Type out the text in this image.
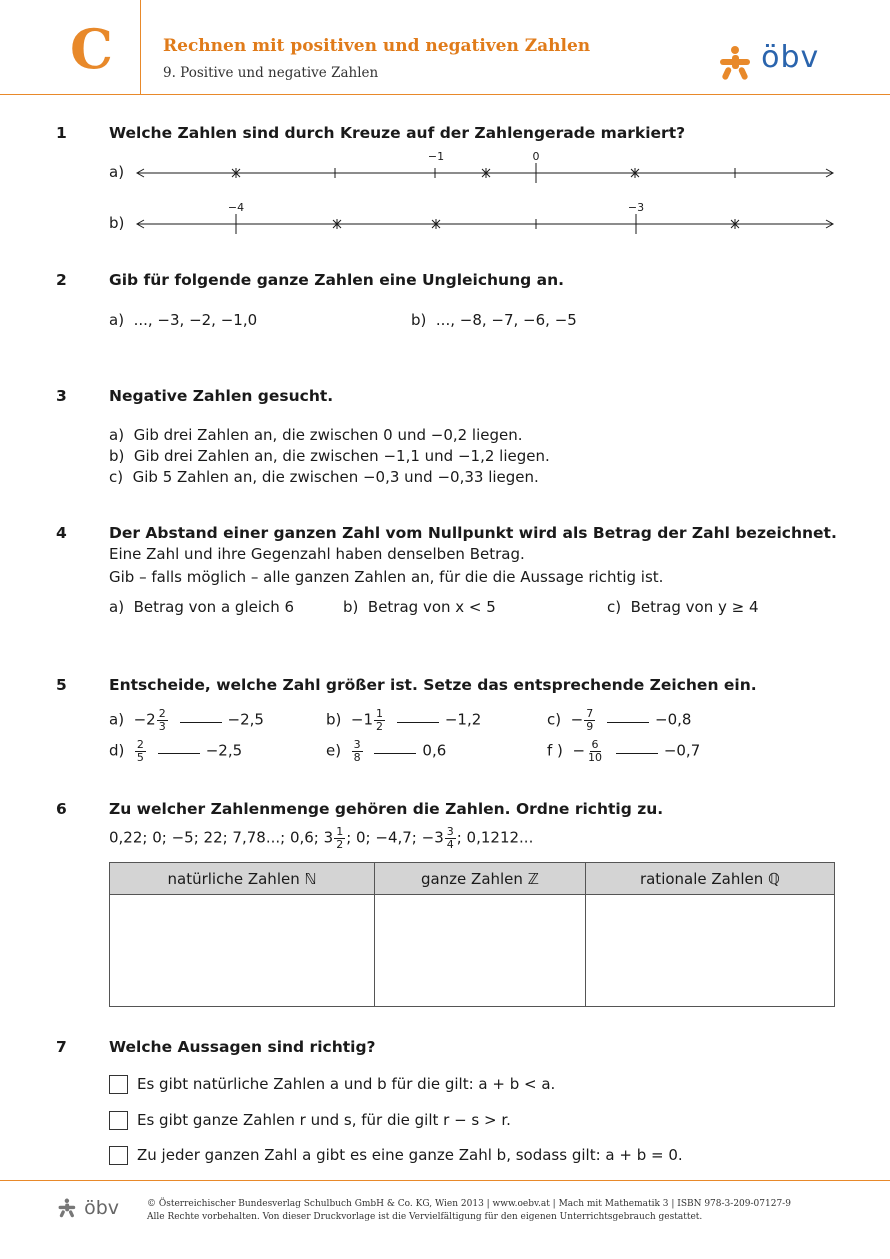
C	Rechnen mit positiven und negativen Zahlen
9. Positive und negative Zahlen	öbv
1	Welche Zahlen sind durch Kreuze auf der Zahlengerade markiert?
a)
b)
−1	0
−4	−3
2	Gib für folgende ganze Zahlen eine Ungleichung an.
a)  ..., −3, −2, −1,0	b)  ..., −8, −7, −6, −5
3	Negative Zahlen gesucht.
a)  Gib drei Zahlen an, die zwischen 0 und −0,2 liegen.
b)  Gib drei Zahlen an, die zwischen −1,1 und −1,2 liegen.
c)  Gib 5 Zahlen an, die zwischen −0,3 und −0,33 liegen.
4	Der Abstand einer ganzen Zahl vom Nullpunkt wird als Betrag der Zahl bezeichnet.
Eine Zahl und ihre Gegenzahl haben denselben Betrag.
Gib – falls möglich – alle ganzen Zahlen an, für die die Aussage richtig ist.
a)  Betrag von a gleich 6	b)  Betrag von x < 5	c)  Betrag von y ≥ 4
5	Entscheide, welche Zahl größer ist. Setze das entsprechende Zeichen ein.
$a) -2 \frac{2}{3}$	−2,5	$b) -1 \frac{1}{2}$	−1,2	$c) - \frac{7}{9}$	−0,8
$d) \frac{2}{5}$	−2,5	$e) \frac{3}{8}$	0,6	f ) − $\frac{6}{10}$	−0,7
6	Zu welcher Zahlenmenge gehören die Zahlen. Ordne richtig zu.
0,22; 0; −5; 22; 7,78...; 0,6; $3 \frac{1}{2}$ ; 0; −4,7; $-3 \frac{3}{4}$ ; 0,1212...
natürliche Zahlen ℕ	ganze Zahlen ℤ	rationale Zahlen ℚ

7	Welche Aussagen sind richtig?
Es gibt natürliche Zahlen a und b für die gilt: a + b < a.
Es gibt ganze Zahlen r und s, für die gilt r − s > r.
Zu jeder ganzen Zahl a gibt es eine ganze Zahl b, sodass gilt: a + b = 0.
öbv	© Österreichischer Bundesverlag Schulbuch GmbH & Co. KG, Wien 2013 | www.oebv.at | Mach mit Mathematik 3 | ISBN 978-3-209-07127-9
Alle Rechte vorbehalten. Von dieser Druckvorlage ist die Vervielfältigung für den eigenen Unterrichtsgebrauch gestattet.
